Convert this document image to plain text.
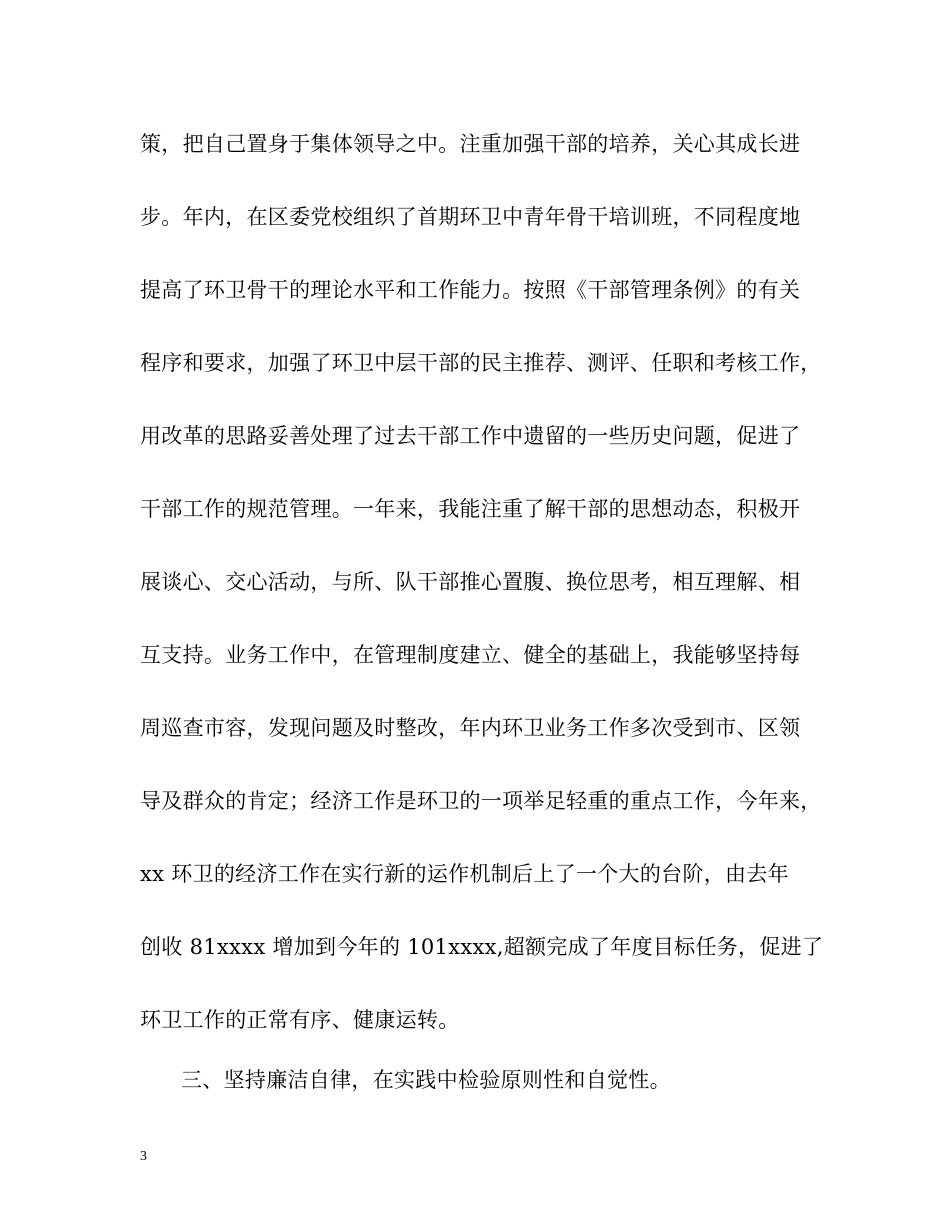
策，把自己置身于集体领导之中。注重加强干部的培养，关心其成长进
步。年内，在区委党校组织了首期环卫中青年骨干培训班，不同程度地
提高了环卫骨干的理论水平和工作能力。按照《干部管理条例》的有关
程序和要求，加强了环卫中层干部的民主推荐、测评、任职和考核工作，
用改革的思路妥善处理了过去干部工作中遗留的一些历史问题，促进了
干部工作的规范管理。一年来，我能注重了解干部的思想动态，积极开
展谈心、交心活动，与所、队干部推心置腹、换位思考，相互理解、相
互支持。业务工作中，在管理制度建立、健全的基础上，我能够坚持每
周巡查市容，发现问题及时整改，年内环卫业务工作多次受到市、区领
导及群众的肯定；经济工作是环卫的一项举足轻重的重点工作，今年来，
xx 环卫的经济工作在实行新的运作机制后上了一个大的台阶，由去年
创收 81xxxx 增加到今年的 101xxxx,超额完成了年度目标任务，促进了
环卫工作的正常有序、健康运转。
三、坚持廉洁自律，在实践中检验原则性和自觉性。
3
